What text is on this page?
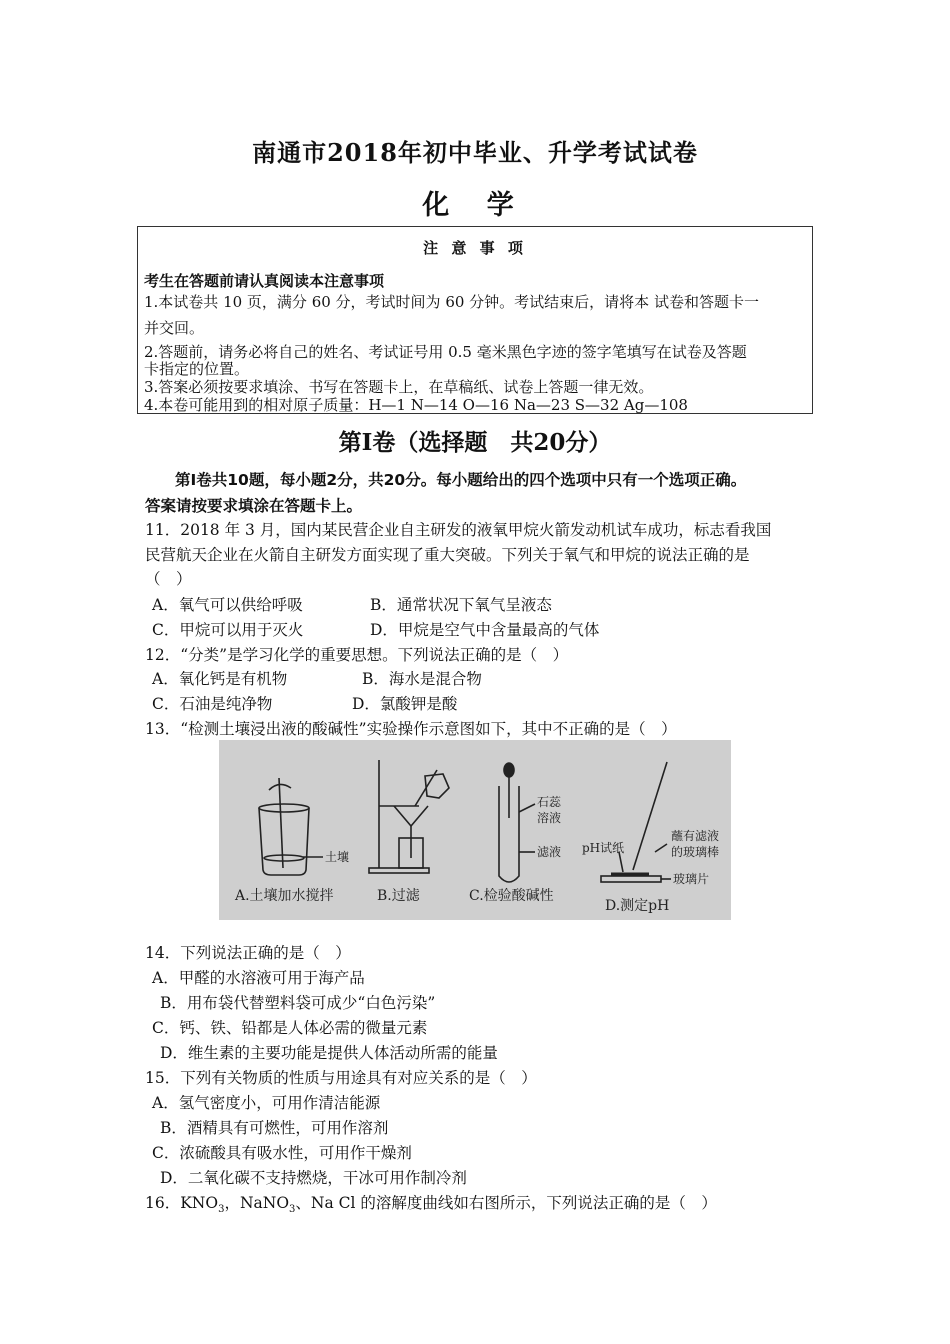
南通市2018年初中毕业、升学考试试卷
化 学
注 意 事 项
考生在答题前请认真阅读本注意事项
1.本试卷共 10 页，满分 60 分，考试时间为 60 分钟。考试结束后，请将本 试卷和答题卡一
并交回。
2.答题前，请务必将自己的姓名、考试证号用 0.5 毫米黑色字迹的签字笔填写在试卷及答题
卡指定的位置。
3.答案必须按要求填涂、书写在答题卡上，在草稿纸、试卷上答题一律无效。
4.本卷可能用到的相对原子质量：H—1 N—14 O—16 Na—23 S—32 Ag—108
第Ⅰ卷（选择题　共20分）
第Ⅰ卷共10题，每小题2分，共20分。每小题给出的四个选项中只有一个选项正确。
答案请按要求填涂在答题卡上。
11．2018 年 3 月，国内某民营企业自主研发的液氧甲烷火箭发动机试车成功，标志看我国
民营航天企业在火箭自主研发方面实现了重大突破。下列关于氧气和甲烷的说法正确的是
（　）
A．氧气可以供给呼吸	B．通常状况下氧气呈液态
C．甲烷可以用于灭火	D．甲烷是空气中含量最高的气体
12．“分类”是学习化学的重要思想。下列说法正确的是（　）
A．氧化钙是有机物	B．海水是混合物
C．石油是纯净物	D．氯酸钾是酸
13．“检测土壤浸出液的酸碱性”实验操作示意图如下，其中不正确的是（　）
土壤
A.土壤加水搅拌	B.过滤
石蕊
溶液
滤液
C.检验酸碱性
pH试纸
蘸有滤液
的玻璃棒
玻璃片
D.测定pH
14．下列说法正确的是（　）
A．甲醛的水溶液可用于海产品
B．用布袋代替塑料袋可成少“白色污染”
C．钙、铁、铅都是人体必需的微量元素
D．维生素的主要功能是提供人体活动所需的能量
15．下列有关物质的性质与用途具有对应关系的是（　）
A．氢气密度小，可用作清洁能源
B．酒精具有可燃性，可用作溶剂
C．浓硫酸具有吸水性，可用作干燥剂
D．二氧化碳不支持燃烧，干冰可用作制冷剂
16．$KNO_3$，NaNO$_3$、Na Cl 的溶解度曲线如右图所示，下列说法正确的是（　）
